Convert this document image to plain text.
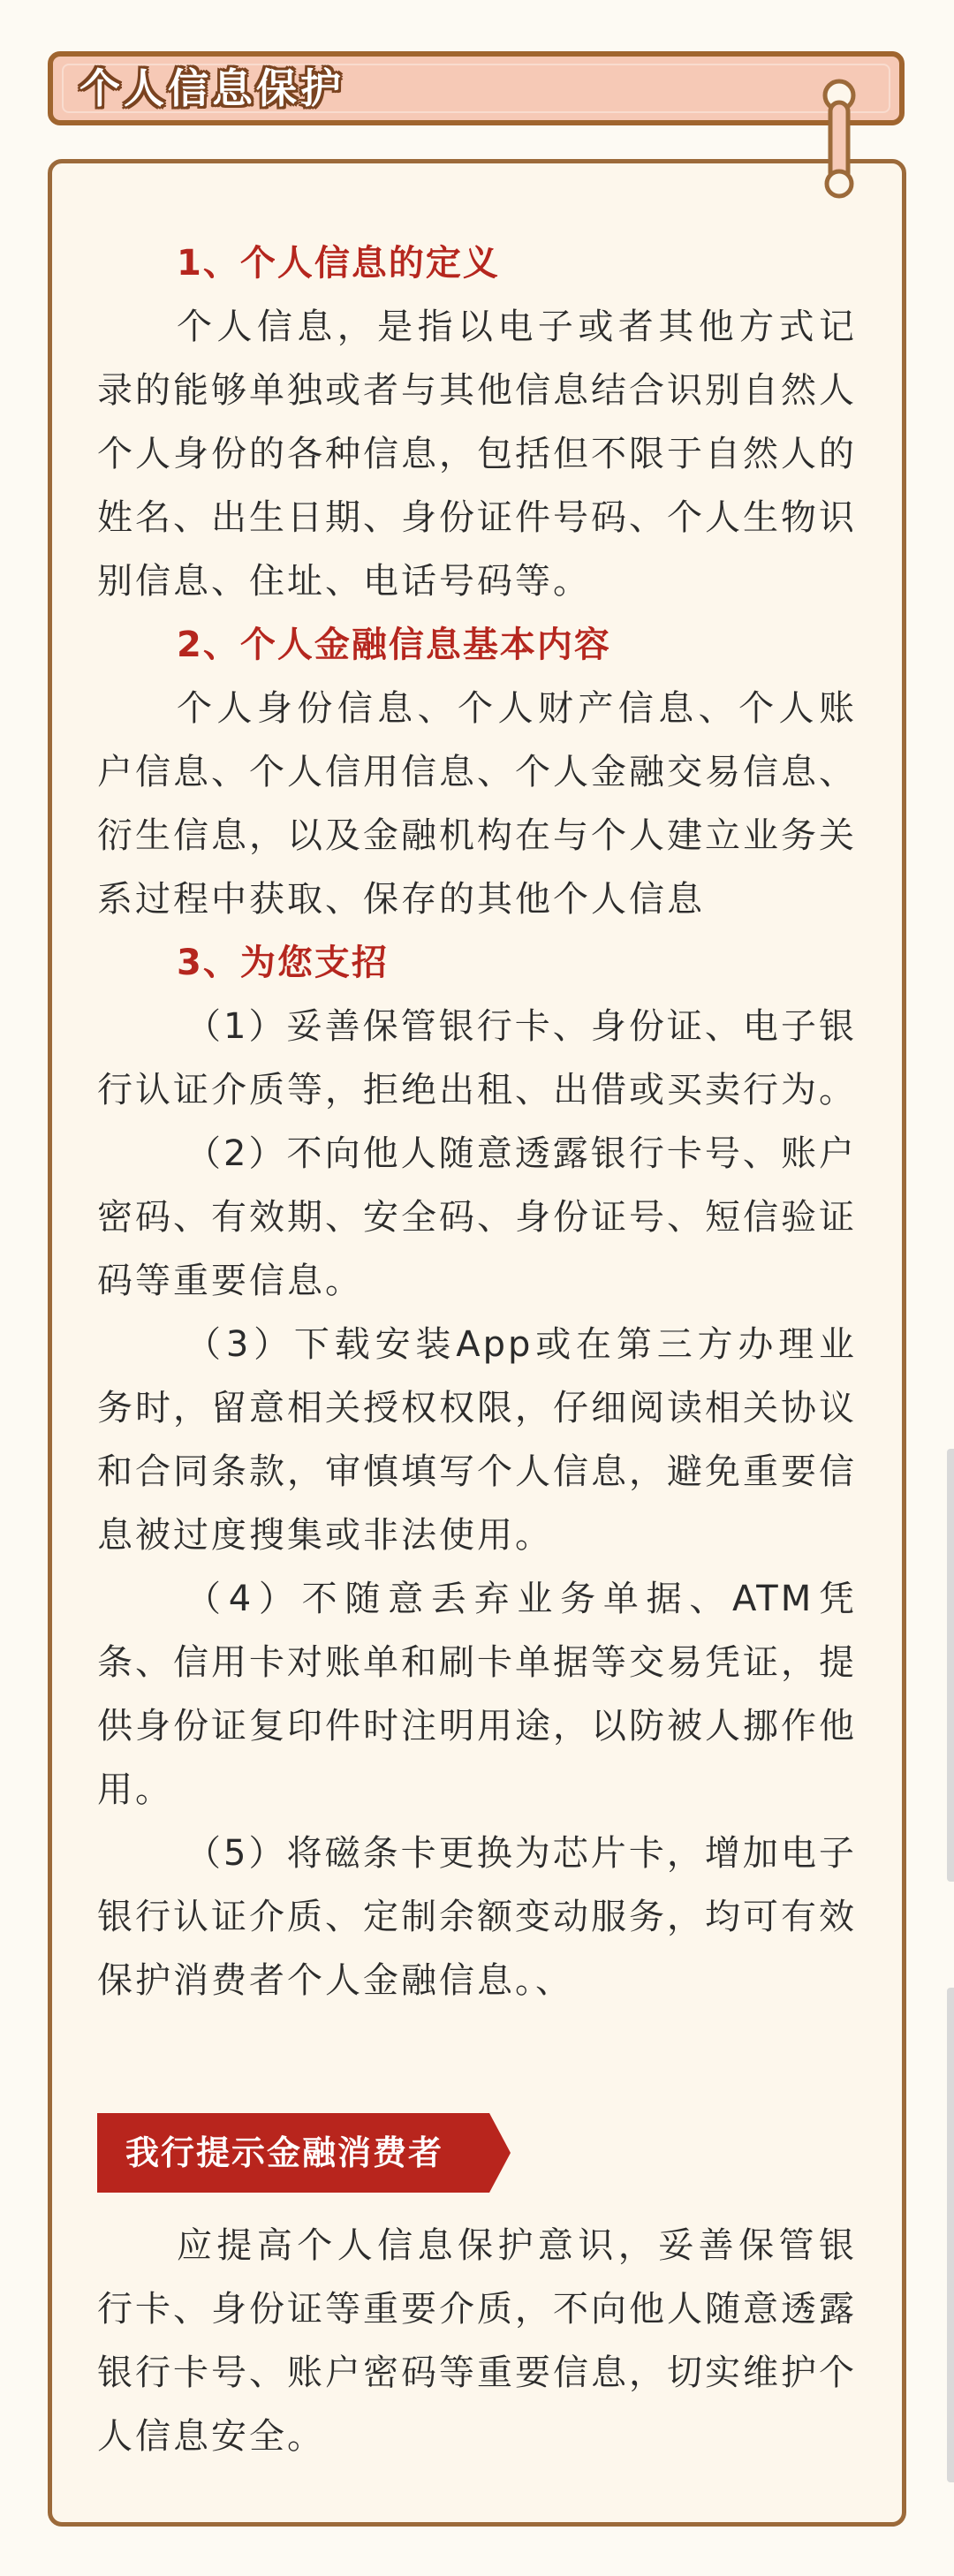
个人信息保护

1、个人信息的定义

个人信息，是指以电子或者其他方式记录的能够单独或者与其他信息结合识别自然人个人身份的各种信息，包括但不限于自然人的姓名、出生日期、身份证件号码、个人生物识别信息、住址、电话号码等。

2、个人金融信息基本内容

个人身份信息、个人财产信息、个人账户信息、个人信用信息、个人金融交易信息、衍生信息，以及金融机构在与个人建立业务关系过程中获取、保存的其他个人信息

3、为您支招

（1）妥善保管银行卡、身份证、电子银行认证介质等，拒绝出租、出借或买卖行为。

（2）不向他人随意透露银行卡号、账户密码、有效期、安全码、身份证号、短信验证码等重要信息。

（3）下载安装App或在第三方办理业务时，留意相关授权权限，仔细阅读相关协议和合同条款，审慎填写个人信息，避免重要信息被过度搜集或非法使用。

（4）不随意丢弃业务单据、ATM凭条、信用卡对账单和刷卡单据等交易凭证，提供身份证复印件时注明用途，以防被人挪作他用。

（5）将磁条卡更换为芯片卡，增加电子银行认证介质、定制余额变动服务，均可有效保护消费者个人金融信息。、

我行提示金融消费者

应提高个人信息保护意识，妥善保管银行卡、身份证等重要介质，不向他人随意透露银行卡号、账户密码等重要信息，切实维护个人信息安全。
